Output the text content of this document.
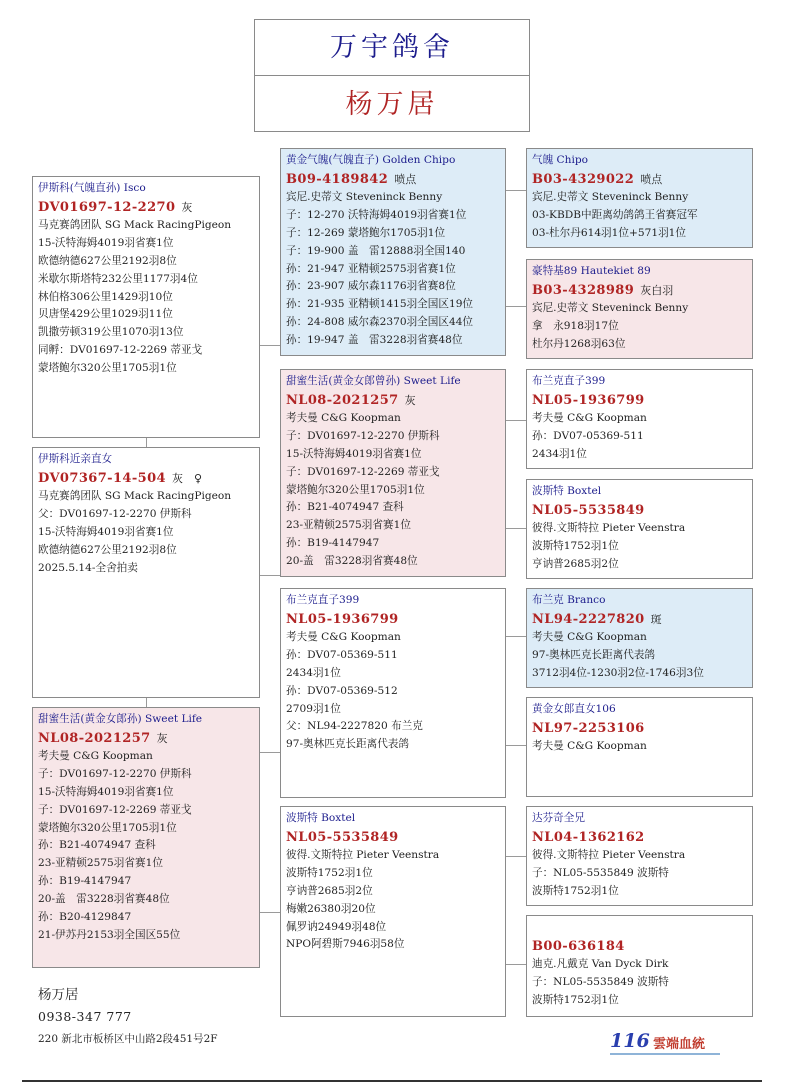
万宇鸽舍
杨万居
伊斯科(气魄直孙) Isco
DV01697-12-2270 灰
马克赛鸽团队 SG Mack RacingPigeon
15-沃特海姆4019羽省赛1位
欧德纳德627公里2192羽8位
米歇尔斯塔特232公里1177羽4位
林伯格306公里1429羽10位
贝唐堡429公里1029羽11位
凯撒劳顿319公里1070羽13位
同孵：DV01697-12-2269 蒂亚戈
蒙塔鲍尔320公里1705羽1位
伊斯科近亲直女
DV07367-14-504 灰　♀
马克赛鸽团队 SG Mack RacingPigeon
父：DV01697-12-2270 伊斯科
15-沃特海姆4019羽省赛1位
欧德纳德627公里2192羽8位
2025.5.14-全舍拍卖
甜蜜生活(黄金女郎孙) Sweet Life
NL08-2021257 灰
考夫曼 C&G Koopman
子：DV01697-12-2270 伊斯科
15-沃特海姆4019羽省赛1位
子：DV01697-12-2269 蒂亚戈
蒙塔鲍尔320公里1705羽1位
孙：B21-4074947 查科
23-亚精顿2575羽省赛1位
孙：B19-4147947
20-盖　雷3228羽省赛48位
孙：B20-4129847
21-伊苏丹2153羽全国区55位
黄金气魄(气魄直子) Golden Chipo
B09-4189842 喷点
宾尼.史蒂文 Steveninck Benny
子：12-270 沃特海姆4019羽省赛1位
子：12-269 蒙塔鲍尔1705羽1位
子：19-900 盖　雷12888羽全国140
孙：21-947 亚精顿2575羽省赛1位
孙：23-907 威尔森1176羽省赛8位
孙：21-935 亚精顿1415羽全国区19位
孙：24-808 威尔森2370羽全国区44位
孙：19-947 盖　雷3228羽省赛48位
甜蜜生活(黄金女郎曾孙) Sweet Life
NL08-2021257 灰
考夫曼 C&G Koopman
子：DV01697-12-2270 伊斯科
15-沃特海姆4019羽省赛1位
子：DV01697-12-2269 蒂亚戈
蒙塔鲍尔320公里1705羽1位
孙：B21-4074947 查科
23-亚精顿2575羽省赛1位
孙：B19-4147947
20-盖　雷3228羽省赛48位
布兰克直子399
NL05-1936799
考夫曼 C&G Koopman
孙：DV07-05369-511
2434羽1位
孙：DV07-05369-512
2709羽1位
父：NL94-2227820 布兰克
97-奥林匹克长距离代表鸽
波斯特 Boxtel
NL05-5535849
彼得.文斯特拉 Pieter Veenstra
波斯特1752羽1位
亨讷普2685羽2位
梅嫩26380羽20位
佩罗讷24949羽48位
NPO阿碧斯7946羽58位
气魄 Chipo
B03-4329022 喷点
宾尼.史蒂文 Steveninck Benny
03-KBDB中距离幼鸽鸽王省赛冠军
03-杜尔丹614羽1位+571羽1位
豪特基89 Hautekiet 89
B03-4328989 灰白羽
宾尼.史蒂文 Steveninck Benny
拿　永918羽17位
杜尔丹1268羽63位
布兰克直子399
NL05-1936799
考夫曼 C&G Koopman
孙：DV07-05369-511
2434羽1位
波斯特 Boxtel
NL05-5535849
彼得.文斯特拉 Pieter Veenstra
波斯特1752羽1位
亨讷普2685羽2位
布兰克 Branco
NL94-2227820 斑
考夫曼 C&G Koopman
97-奥林匹克长距离代表鸽
3712羽4位-1230羽2位-1746羽3位
黄金女郎直女106
NL97-2253106
考夫曼 C&G Koopman
达芬奇全兄
NL04-1362162
彼得.文斯特拉 Pieter Veenstra
子：NL05-5535849 波斯特
波斯特1752羽1位
B00-636184
迪克.凡戴克 Van Dyck Dirk
子：NL05-5535849 波斯特
波斯特1752羽1位
杨万居
0938-347 777
220 新北市板桥区中山路2段451号2F	116 雲端血統
